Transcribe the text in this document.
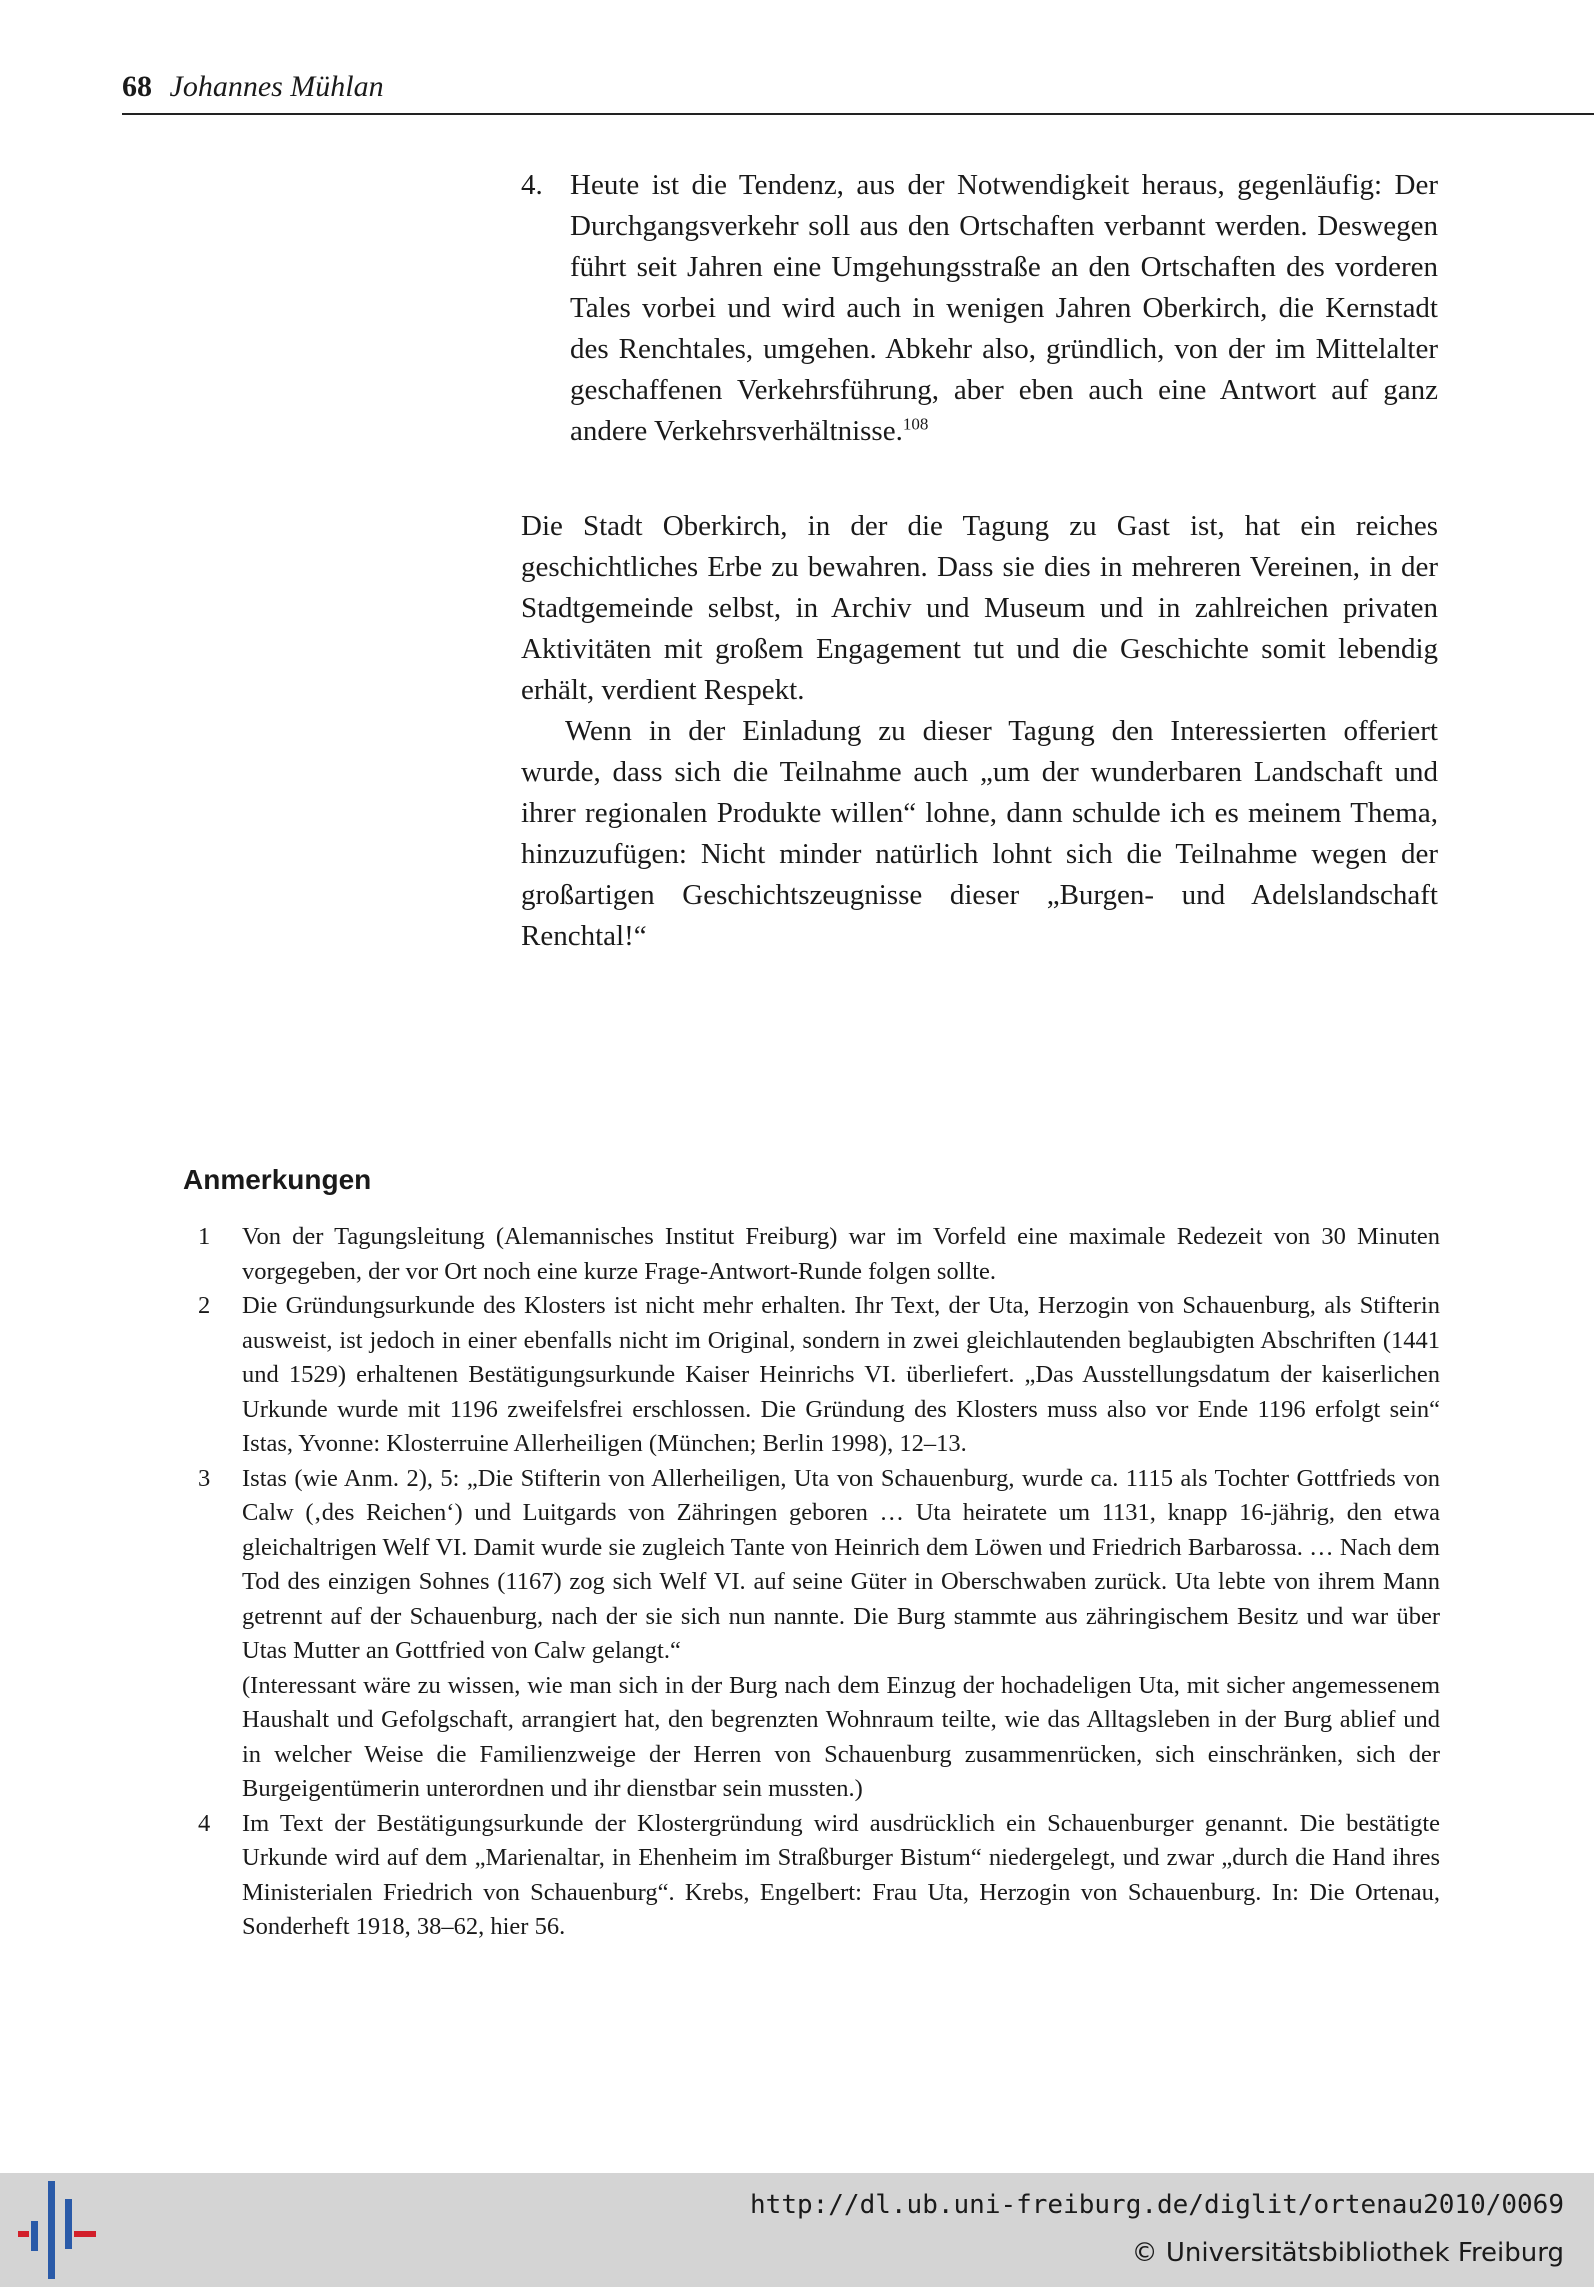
68 Johannes Mühlan
4. Heute ist die Tendenz, aus der Notwendigkeit heraus, gegenläufig: Der Durchgangsverkehr soll aus den Ortschaften verbannt werden. Deswegen führt seit Jahren eine Umgehungsstraße an den Ortschaften des vorderen Tales vorbei und wird auch in wenigen Jahren Oberkirch, die Kernstadt des Renchtales, umgehen. Abkehr also, gründlich, von der im Mittelalter geschaffenen Verkehrsführung, aber eben auch eine Antwort auf ganz andere Verkehrsverhältnisse.$^{108}$

Die Stadt Oberkirch, in der die Tagung zu Gast ist, hat ein reiches geschichtliches Erbe zu bewahren. Dass sie dies in mehreren Vereinen, in der Stadtgemeinde selbst, in Archiv und Museum und in zahlreichen privaten Aktivitäten mit großem Engagement tut und die Geschichte somit lebendig erhält, verdient Respekt.

Wenn in der Einladung zu dieser Tagung den Interessierten offeriert wurde, dass sich die Teilnahme auch „um der wunderbaren Landschaft und ihrer regionalen Produkte willen“ lohne, dann schulde ich es meinem Thema, hinzuzufügen: Nicht minder natürlich lohnt sich die Teilnahme wegen der großartigen Geschichtszeugnisse dieser „Burgen- und Adelslandschaft Renchtal!“

Anmerkungen
1	Von der Tagungsleitung (Alemannisches Institut Freiburg) war im Vorfeld eine maximale Redezeit von 30 Minuten vorgegeben, der vor Ort noch eine kurze Frage-Antwort-Runde folgen sollte.

2	Die Gründungsurkunde des Klosters ist nicht mehr erhalten. Ihr Text, der Uta, Herzogin von Schauenburg, als Stifterin ausweist, ist jedoch in einer ebenfalls nicht im Original, sondern in zwei gleichlautenden beglaubigten Abschriften (1441 und 1529) erhaltenen Bestätigungsurkunde Kaiser Heinrichs VI. überliefert. „Das Ausstellungsdatum der kaiserlichen Urkunde wurde mit 1196 zweifelsfrei erschlossen. Die Gründung des Klosters muss also vor Ende 1196 erfolgt sein“ Istas, Yvonne: Klosterruine Allerheiligen (München; Berlin 1998), 12–13.

3	Istas (wie Anm. 2), 5: „Die Stifterin von Allerheiligen, Uta von Schauenburg, wurde ca. 1115 als Tochter Gottfrieds von Calw (‚des Reichen‘) und Luitgards von Zähringen geboren … Uta heiratete um 1131, knapp 16-jährig, den etwa gleichaltrigen Welf VI. Damit wurde sie zugleich Tante von Heinrich dem Löwen und Friedrich Barbarossa. … Nach dem Tod des einzigen Sohnes (1167) zog sich Welf VI. auf seine Güter in Oberschwaben zurück. Uta lebte von ihrem Mann getrennt auf der Schauenburg, nach der sie sich nun nannte. Die Burg stammte aus zähringischem Besitz und war über Utas Mutter an Gottfried von Calw gelangt.“

(Interessant wäre zu wissen, wie man sich in der Burg nach dem Einzug der hochadeligen Uta, mit sicher angemessenem Haushalt und Gefolgschaft, arrangiert hat, den begrenzten Wohnraum teilte, wie das Alltagsleben in der Burg ablief und in welcher Weise die Familienzweige der Herren von Schauenburg zusammenrücken, sich einschränken, sich der Burgeigentümerin unterordnen und ihr dienstbar sein mussten.)

4	Im Text der Bestätigungsurkunde der Klostergründung wird ausdrücklich ein Schauenburger genannt. Die bestätigte Urkunde wird auf dem „Marienaltar, in Ehenheim im Straßburger Bistum“ niedergelegt, und zwar „durch die Hand ihres Ministerialen Friedrich von Schauenburg“. Krebs, Engelbert: Frau Uta, Herzogin von Schauenburg. In: Die Ortenau, Sonderheft 1918, 38–62, hier 56.

http://dl.ub.uni-freiburg.de/diglit/ortenau2010/0069
© Universitätsbibliothek Freiburg
